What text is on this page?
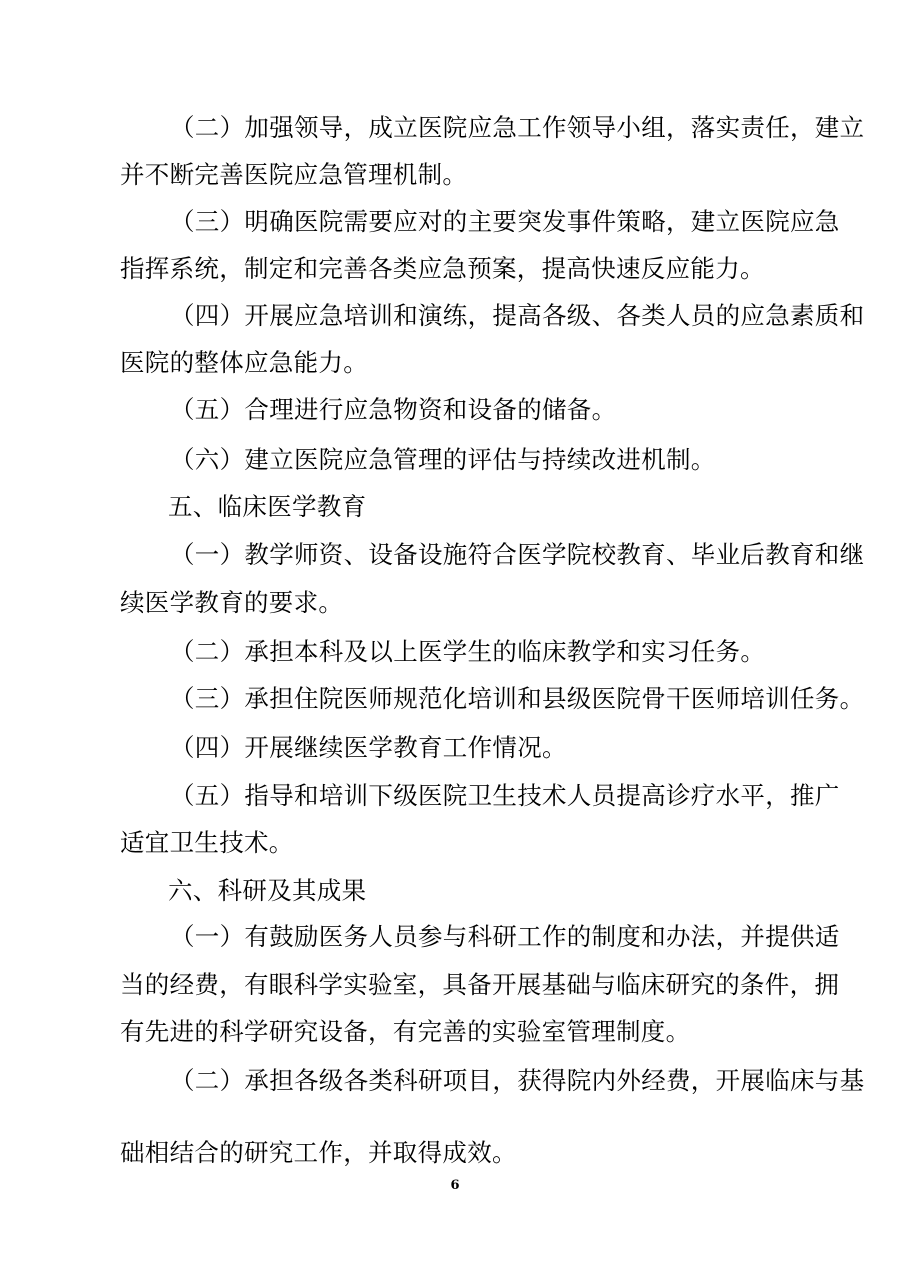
（二）加强领导，成立医院应急工作领导小组，落实责任，建立
并不断完善医院应急管理机制。
（三）明确医院需要应对的主要突发事件策略，建立医院应急
指挥系统，制定和完善各类应急预案，提高快速反应能力。
（四）开展应急培训和演练，提高各级、各类人员的应急素质和
医院的整体应急能力。
（五）合理进行应急物资和设备的储备。
（六）建立医院应急管理的评估与持续改进机制。
五、临床医学教育
（一）教学师资、设备设施符合医学院校教育、毕业后教育和继
续医学教育的要求。
（二）承担本科及以上医学生的临床教学和实习任务。
（三）承担住院医师规范化培训和县级医院骨干医师培训任务。
（四）开展继续医学教育工作情况。
（五）指导和培训下级医院卫生技术人员提高诊疗水平，推广
适宜卫生技术。
六、科研及其成果
（一）有鼓励医务人员参与科研工作的制度和办法，并提供适
当的经费，有眼科学实验室，具备开展基础与临床研究的条件，拥
有先进的科学研究设备，有完善的实验室管理制度。
（二）承担各级各类科研项目，获得院内外经费，开展临床与基
础相结合的研究工作，并取得成效。
6
